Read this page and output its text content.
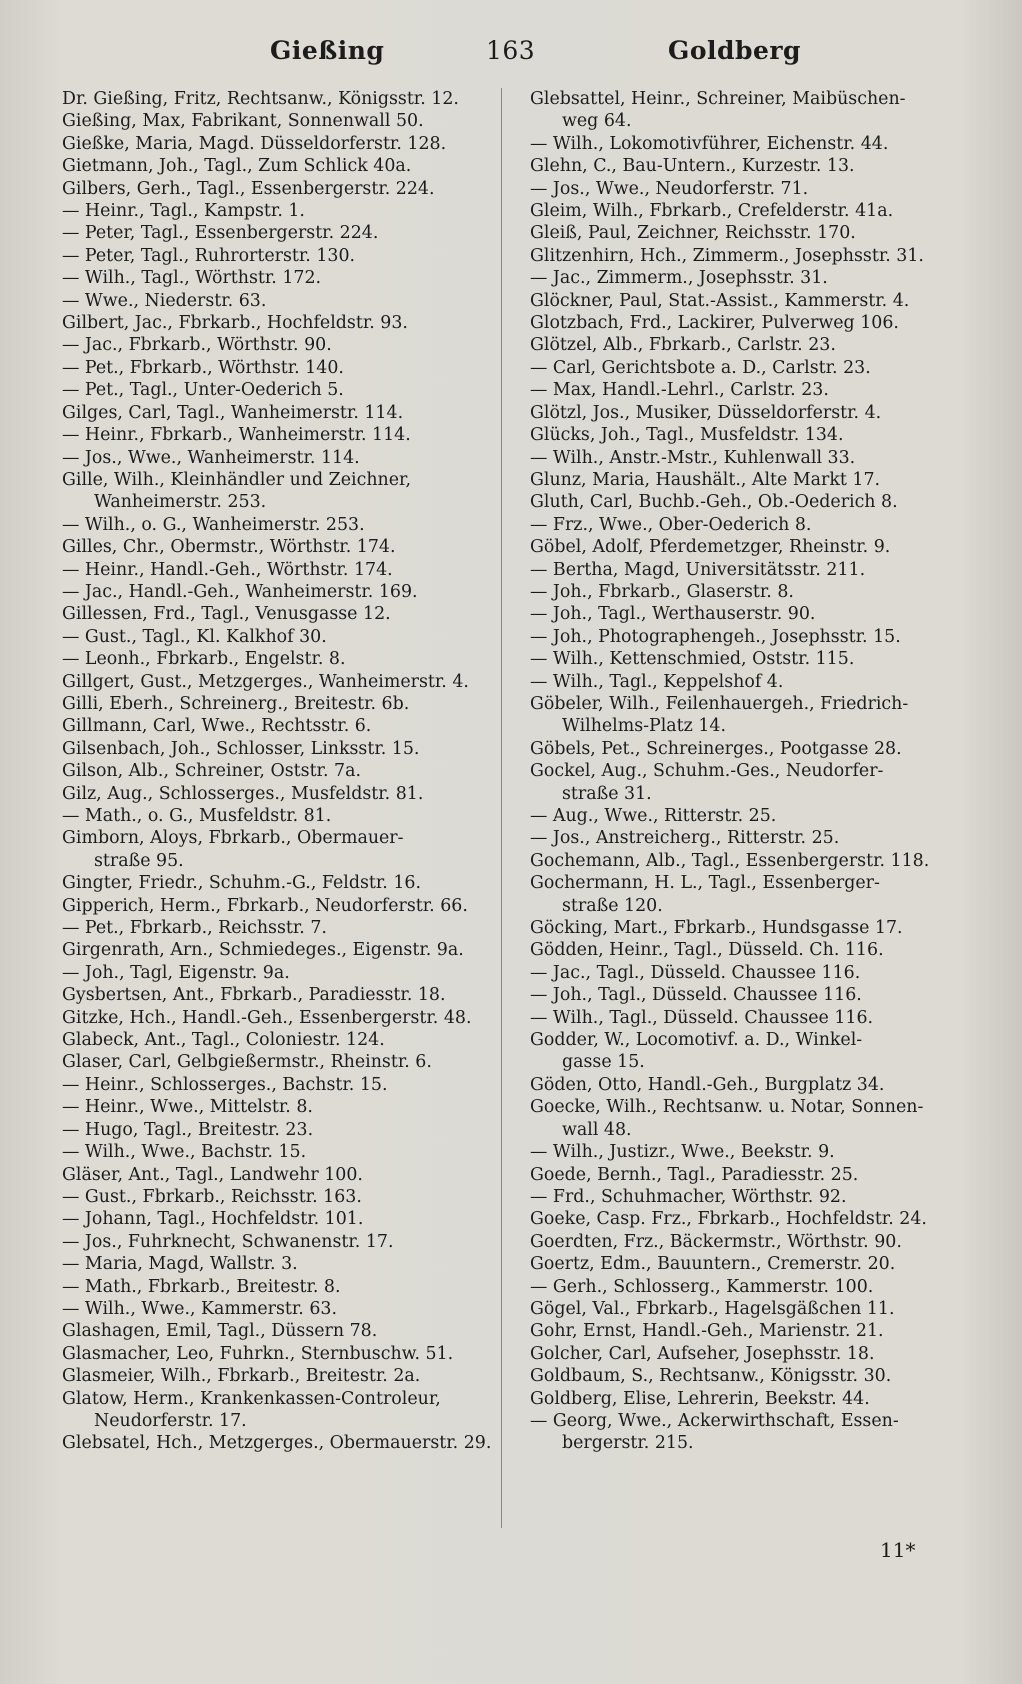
Gießing	163	Goldberg
Dr. Gießing, Fritz, Rechtsanw., Königsstr. 12.
Gießing, Max, Fabrikant, Sonnenwall 50.
Gießke, Maria, Magd. Düsseldorferstr. 128.
Gietmann, Joh., Tagl., Zum Schlick 40a.
Gilbers, Gerh., Tagl., Essenbergerstr. 224.
— Heinr., Tagl., Kampstr. 1.
— Peter, Tagl., Essenbergerstr. 224.
— Peter, Tagl., Ruhrorterstr. 130.
— Wilh., Tagl., Wörthstr. 172.
— Wwe., Niederstr. 63.
Gilbert, Jac., Fbrkarb., Hochfeldstr. 93.
— Jac., Fbrkarb., Wörthstr. 90.
— Pet., Fbrkarb., Wörthstr. 140.
— Pet., Tagl., Unter-Oederich 5.
Gilges, Carl, Tagl., Wanheimerstr. 114.
— Heinr., Fbrkarb., Wanheimerstr. 114.
— Jos., Wwe., Wanheimerstr. 114.
Gille, Wilh., Kleinhändler und Zeichner,
Wanheimerstr. 253.
— Wilh., o. G., Wanheimerstr. 253.
Gilles, Chr., Obermstr., Wörthstr. 174.
— Heinr., Handl.-Geh., Wörthstr. 174.
— Jac., Handl.-Geh., Wanheimerstr. 169.
Gillessen, Frd., Tagl., Venusgasse 12.
— Gust., Tagl., Kl. Kalkhof 30.
— Leonh., Fbrkarb., Engelstr. 8.
Gillgert, Gust., Metzgerges., Wanheimerstr. 4.
Gilli, Eberh., Schreinerg., Breitestr. 6b.
Gillmann, Carl, Wwe., Rechtsstr. 6.
Gilsenbach, Joh., Schlosser, Linksstr. 15.
Gilson, Alb., Schreiner, Oststr. 7a.
Gilz, Aug., Schlosserges., Musfeldstr. 81.
— Math., o. G., Musfeldstr. 81.
Gimborn, Aloys, Fbrkarb., Obermauer-
straße 95.
Gingter, Friedr., Schuhm.-G., Feldstr. 16.
Gipperich, Herm., Fbrkarb., Neudorferstr. 66.
— Pet., Fbrkarb., Reichsstr. 7.
Girgenrath, Arn., Schmiedeges., Eigenstr. 9a.
— Joh., Tagl, Eigenstr. 9a.
Gysbertsen, Ant., Fbrkarb., Paradiesstr. 18.
Gitzke, Hch., Handl.-Geh., Essenbergerstr. 48.
Glabeck, Ant., Tagl., Coloniestr. 124.
Glaser, Carl, Gelbgießermstr., Rheinstr. 6.
— Heinr., Schlosserges., Bachstr. 15.
— Heinr., Wwe., Mittelstr. 8.
— Hugo, Tagl., Breitestr. 23.
— Wilh., Wwe., Bachstr. 15.
Gläser, Ant., Tagl., Landwehr 100.
— Gust., Fbrkarb., Reichsstr. 163.
— Johann, Tagl., Hochfeldstr. 101.
— Jos., Fuhrknecht, Schwanenstr. 17.
— Maria, Magd, Wallstr. 3.
— Math., Fbrkarb., Breitestr. 8.
— Wilh., Wwe., Kammerstr. 63.
Glashagen, Emil, Tagl., Düssern 78.
Glasmacher, Leo, Fuhrkn., Sternbuschw. 51.
Glasmeier, Wilh., Fbrkarb., Breitestr. 2a.
Glatow, Herm., Krankenkassen-Controleur,
Neudorferstr. 17.
Glebsatel, Hch., Metzgerges., Obermauerstr. 29.
Glebsattel, Heinr., Schreiner, Maibüschen-
weg 64.
— Wilh., Lokomotivführer, Eichenstr. 44.
Glehn, C., Bau-Untern., Kurzestr. 13.
— Jos., Wwe., Neudorferstr. 71.
Gleim, Wilh., Fbrkarb., Crefelderstr. 41a.
Gleiß, Paul, Zeichner, Reichsstr. 170.
Glitzenhirn, Hch., Zimmerm., Josephsstr. 31.
— Jac., Zimmerm., Josephsstr. 31.
Glöckner, Paul, Stat.-Assist., Kammerstr. 4.
Glotzbach, Frd., Lackirer, Pulverweg 106.
Glötzel, Alb., Fbrkarb., Carlstr. 23.
— Carl, Gerichtsbote a. D., Carlstr. 23.
— Max, Handl.-Lehrl., Carlstr. 23.
Glötzl, Jos., Musiker, Düsseldorferstr. 4.
Glücks, Joh., Tagl., Musfeldstr. 134.
— Wilh., Anstr.-Mstr., Kuhlenwall 33.
Glunz, Maria, Haushält., Alte Markt 17.
Gluth, Carl, Buchb.-Geh., Ob.-Oederich 8.
— Frz., Wwe., Ober-Oederich 8.
Göbel, Adolf, Pferdemetzger, Rheinstr. 9.
— Bertha, Magd, Universitätsstr. 211.
— Joh., Fbrkarb., Glaserstr. 8.
— Joh., Tagl., Werthauserstr. 90.
— Joh., Photographengeh., Josephsstr. 15.
— Wilh., Kettenschmied, Oststr. 115.
— Wilh., Tagl., Keppelshof 4.
Göbeler, Wilh., Feilenhauergeh., Friedrich-
Wilhelms-Platz 14.
Göbels, Pet., Schreinerges., Pootgasse 28.
Gockel, Aug., Schuhm.-Ges., Neudorfer-
straße 31.
— Aug., Wwe., Ritterstr. 25.
— Jos., Anstreicherg., Ritterstr. 25.
Gochemann, Alb., Tagl., Essenbergerstr. 118.
Gochermann, H. L., Tagl., Essenberger-
straße 120.
Göcking, Mart., Fbrkarb., Hundsgasse 17.
Gödden, Heinr., Tagl., Düsseld. Ch. 116.
— Jac., Tagl., Düsseld. Chaussee 116.
— Joh., Tagl., Düsseld. Chaussee 116.
— Wilh., Tagl., Düsseld. Chaussee 116.
Godder, W., Locomotivf. a. D., Winkel-
gasse 15.
Göden, Otto, Handl.-Geh., Burgplatz 34.
Goecke, Wilh., Rechtsanw. u. Notar, Sonnen-
wall 48.
— Wilh., Justizr., Wwe., Beekstr. 9.
Goede, Bernh., Tagl., Paradiesstr. 25.
— Frd., Schuhmacher, Wörthstr. 92.
Goeke, Casp. Frz., Fbrkarb., Hochfeldstr. 24.
Goerdten, Frz., Bäckermstr., Wörthstr. 90.
Goertz, Edm., Bauuntern., Cremerstr. 20.
— Gerh., Schlosserg., Kammerstr. 100.
Gögel, Val., Fbrkarb., Hagelsgäßchen 11.
Gohr, Ernst, Handl.-Geh., Marienstr. 21.
Golcher, Carl, Aufseher, Josephsstr. 18.
Goldbaum, S., Rechtsanw., Königsstr. 30.
Goldberg, Elise, Lehrerin, Beekstr. 44.
— Georg, Wwe., Ackerwirthschaft, Essen-
bergerstr. 215.
11*
